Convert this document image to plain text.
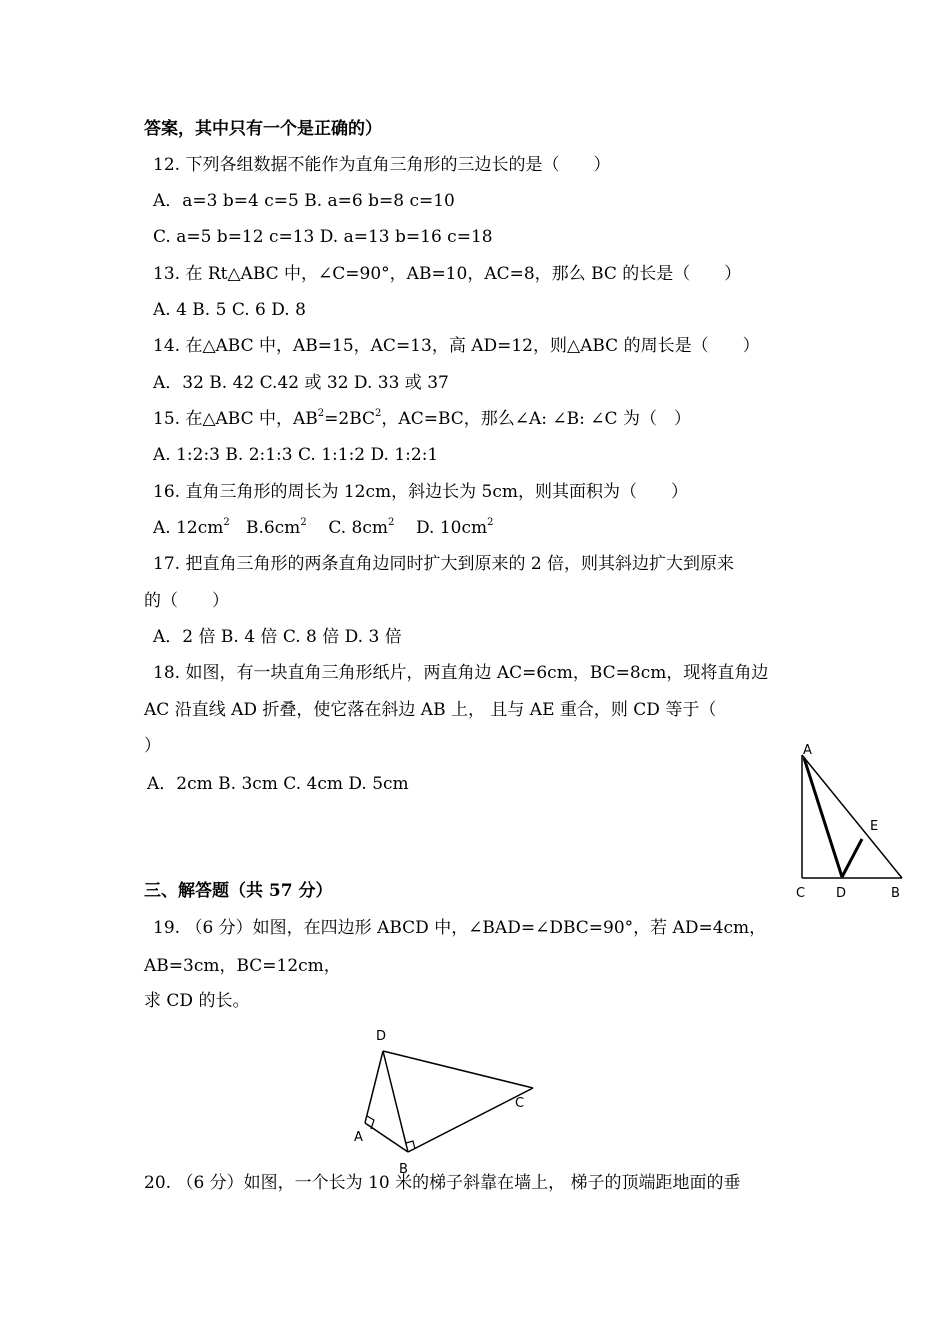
答案，其中只有一个是正确的）
12. 下列各组数据不能作为直角三角形的三边长的是（　　）
A．a=3 b=4 c=5 B. a=6 b=8 c=10
C. a=5 b=12 c=13 D. a=13 b=16 c=18
13. 在 Rt△ABC 中，∠C=90°，AB=10，AC=8，那么 BC 的长是（　　）
A. 4 B. 5 C. 6 D. 8
14. 在△ABC 中，AB=15，AC=13，高 AD=12，则△ABC 的周长是（　　）
A．32 B. 42 C.42 或 32 D. 33 或 37
15. 在△ABC 中，$AB^2=2BC^2$，AC=BC，那么∠A: ∠B: ∠C 为（　）
A. 1:2:3 B. 2:1:3 C. 1:1:2 D. 1:2:1
16. 直角三角形的周长为 12cm，斜边长为 5cm，则其面积为（　　）
A. $12cm^2$ $B.6cm^2$ C. $8cm^2$ D. $10cm^2$
17. 把直角三角形的两条直角边同时扩大到原来的 2 倍，则其斜边扩大到原来
的（　　）
A．2 倍 B. 4 倍 C. 8 倍 D. 3 倍
18. 如图，有一块直角三角形纸片，两直角边 AC=6cm，BC=8cm，现将直角边
AC 沿直线 AD 折叠，使它落在斜边 AB 上， 且与 AE 重合，则 CD 等于（
）
A．2cm B. 3cm C. 4cm D. 5cm
A
E
C D	B
三、解答题（共 57 分）
19. （6 分）如图，在四边形 ABCD 中，∠BAD=∠DBC=90°，若 AD=4cm，
AB=3cm，BC=12cm，
求 CD 的长。
D
C
A
B
20. （6 分）如图，一个长为 10 米的梯子斜靠在墙上， 梯子的顶端距地面的垂
